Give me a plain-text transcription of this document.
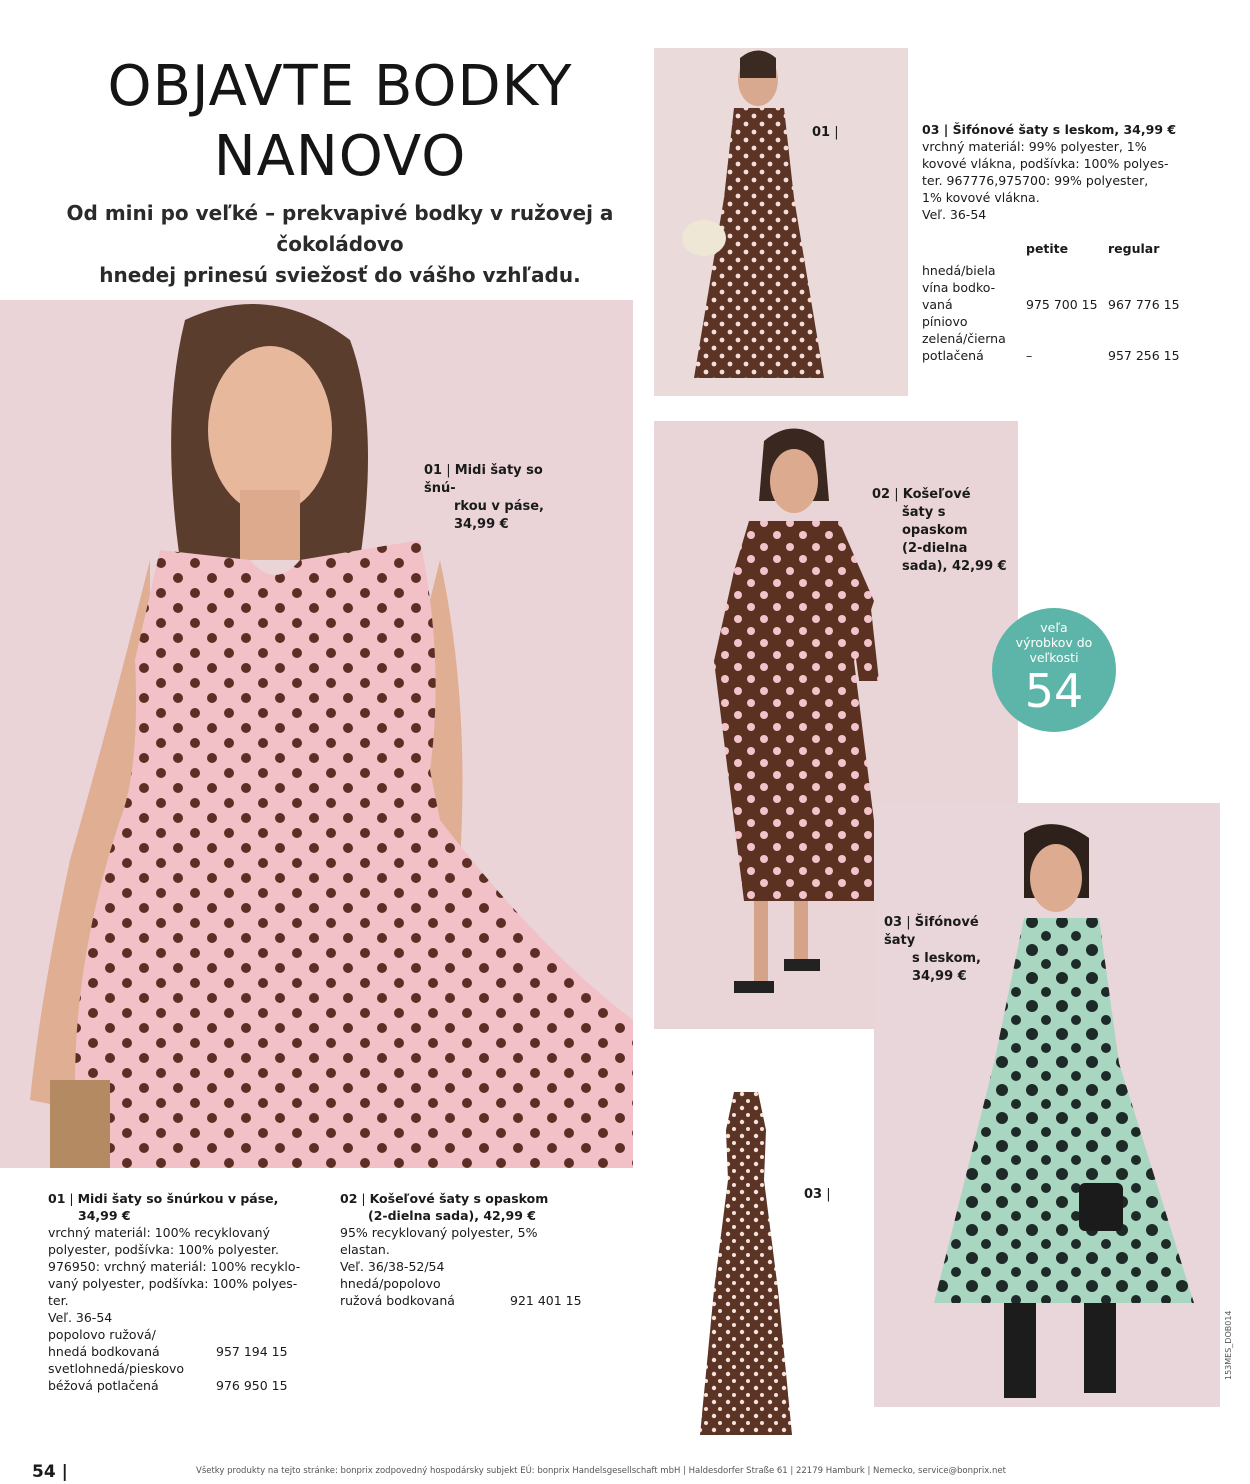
OBJAVTE BODKY
NANOVO
Od mini po veľké – prekvapivé bodky v ružovej a čokoládovo
hnedej prinesú sviežosť do vášho vzhľadu.
01 |	03 | Šifónové šaty s leskom, 34,99 €
vrchný materiál: 99% polyester, 1%
kovové vlákna, podšívka: 100% polyes-
ter. 967776,975700: 99% polyester,
1% kovové vlákna.
Veľ. 36-54
petite	regular
hnedá/biela		
vína bodko-		
vaná	975 700 15	967 776 15
píniovo		
zelená/čierna		
potlačená	–	957 256 15
01 | Midi šaty so šnú-
rkou v páse,
34,99 €
02 | Košeľové
šaty s
opaskom
(2-dielna
sada), 42,99 €
veľa
výrobkov do
veľkosti
54
03 | Šifónové šaty
s leskom,
34,99 €
03 |
01 | Midi šaty so šnúrkou v páse,
34,99 €
vrchný materiál: 100% recyklovaný
polyester, podšívka: 100% polyester.
976950: vrchný materiál: 100% recyklo-
vaný polyester, podšívka: 100% polyes-
ter.
Veľ. 36-54
popolovo ružová/	
hnedá bodkovaná	957 194 15
svetlohnedá/pieskovo	
béžová potlačená	976 950 15
02 | Košeľové šaty s opaskom
(2-dielna sada), 42,99 €
95% recyklovaný polyester, 5%
elastan.
Veľ. 36/38-52/54
hnedá/popolovo	
ružová bodkovaná	921 401 15
54 |	Všetky produkty na tejto stránke: bonprix zodpovedný hospodársky subjekt EÚ: bonprix Handelsgesellschaft mbH | Haldesdorfer Straße 61 | 22179 Hamburk | Nemecko, service@bonprix.net
153MES_DOB014
